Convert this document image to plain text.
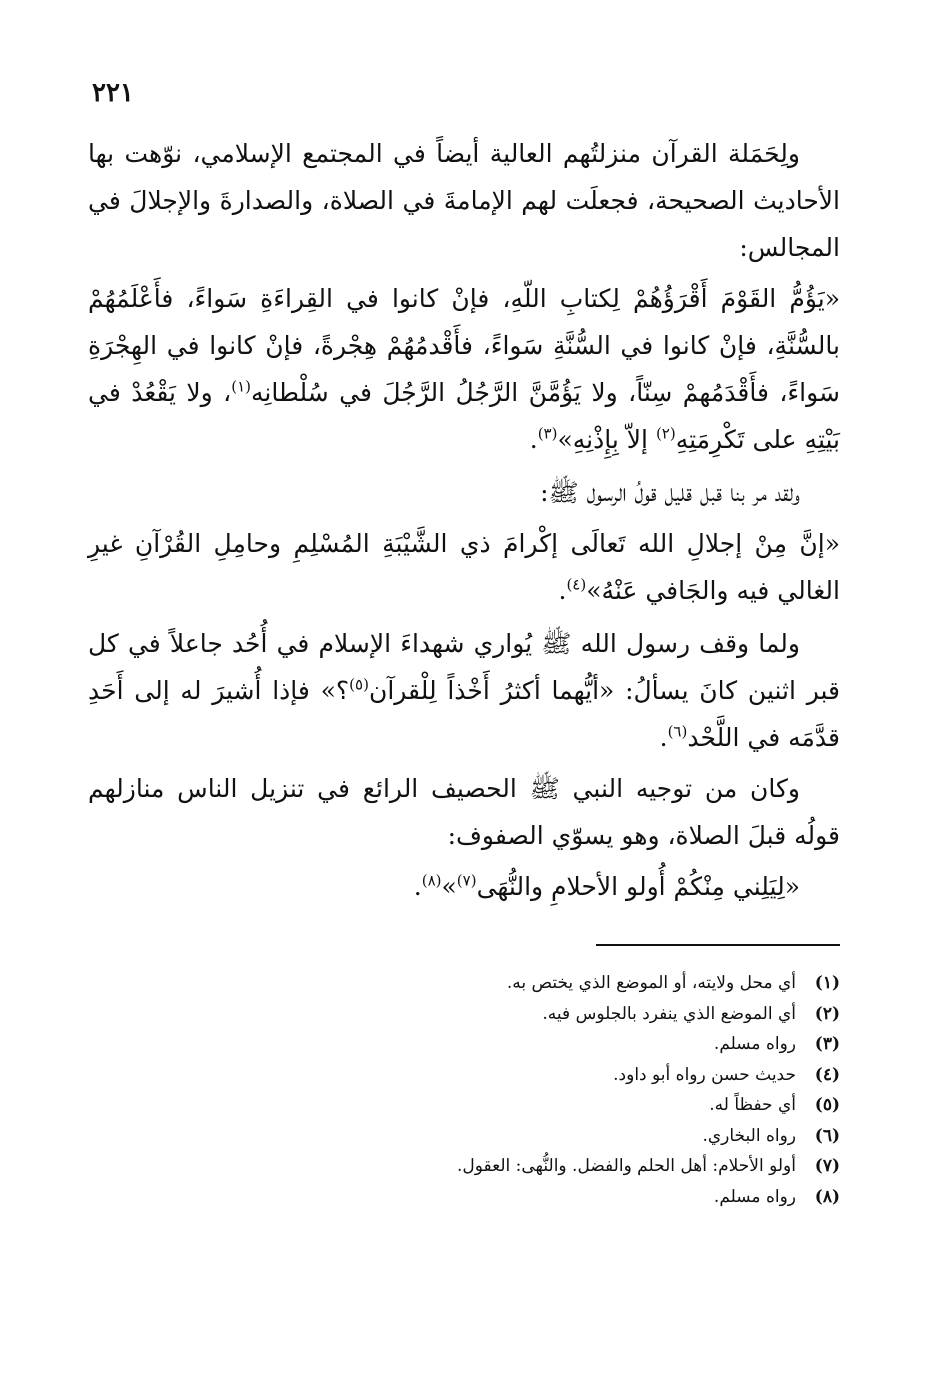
٢٢١

ولِحَمَلة القرآن منزلتُهم العالية أيضاً في المجتمع الإسلامي، نوّهت بها الأحاديث الصحيحة، فجعلَت لهم الإمامةَ في الصلاة، والصدارةَ والإجلالَ في المجالس:

«يَؤُمُّ القَوْمَ أَقْرَؤُهُمْ لِكتابِ اللّهِ، فإنْ كانوا في القِراءَةِ سَواءً، فأَعْلَمُهُمْ بالسُّنَّةِ، فإنْ كانوا في السُّنَّةِ سَواءً، فأَقْدمُهُمْ هِجْرةً، فإنْ كانوا في الهِجْرَةِ سَواءً، فأَقْدَمُهمْ سِنّاً، ولا يَؤُمَّنَّ الرَّجُلُ الرَّجُلَ في سُلْطانِه$^{(١)}$، ولا يَقْعُدْ في بَيْتِهِ على تَكْرِمَتِهِ$^{(٢)}$ إلاّ بِإِذْنِهِ»$^{(٣)}$.

ولقد مر بنا قبل قليل قولُ الرسول ﷺ:

«إنَّ مِنْ إجلالِ الله تَعالَى إكْرامَ ذي الشَّيْبَةِ المُسْلِمِ وحامِلِ القُرْآنِ غيرِ الغالي فيه والجَافي عَنْهُ»$^{(٤)}$.

ولما وقف رسول الله ﷺ يُواري شهداءَ الإسلام في أُحُد جاعلاً في كل قبر اثنين كانَ يسألُ: «أيُّهما أكثرُ أَخْذاً لِلْقرآن$^{(٥)}$؟» فإذا أُشيرَ له إلى أَحَدِ قدَّمَه في اللَّحْد$^{(٦)}$.

وكان من توجيه النبي ﷺ الحصيف الرائع في تنزيل الناس منازلهم قولُه قبلَ الصلاة، وهو يسوّي الصفوف:

«لِيَلِني مِنْكُمْ أُولو الأحلامِ والنُّهَى$^{(٧)}$»$^{(٨)}$.

(١)أي محل ولايته، أو الموضع الذي يختص به.
(٢)أي الموضع الذي ينفرد بالجلوس فيه.
(٣)رواه مسلم.
(٤)حديث حسن رواه أبو داود.
(٥)أي حفظاً له.
(٦)رواه البخاري.
(٧)أولو الأحلام: أهل الحلم والفضل. والنُّهى: العقول.
(٨)رواه مسلم.
